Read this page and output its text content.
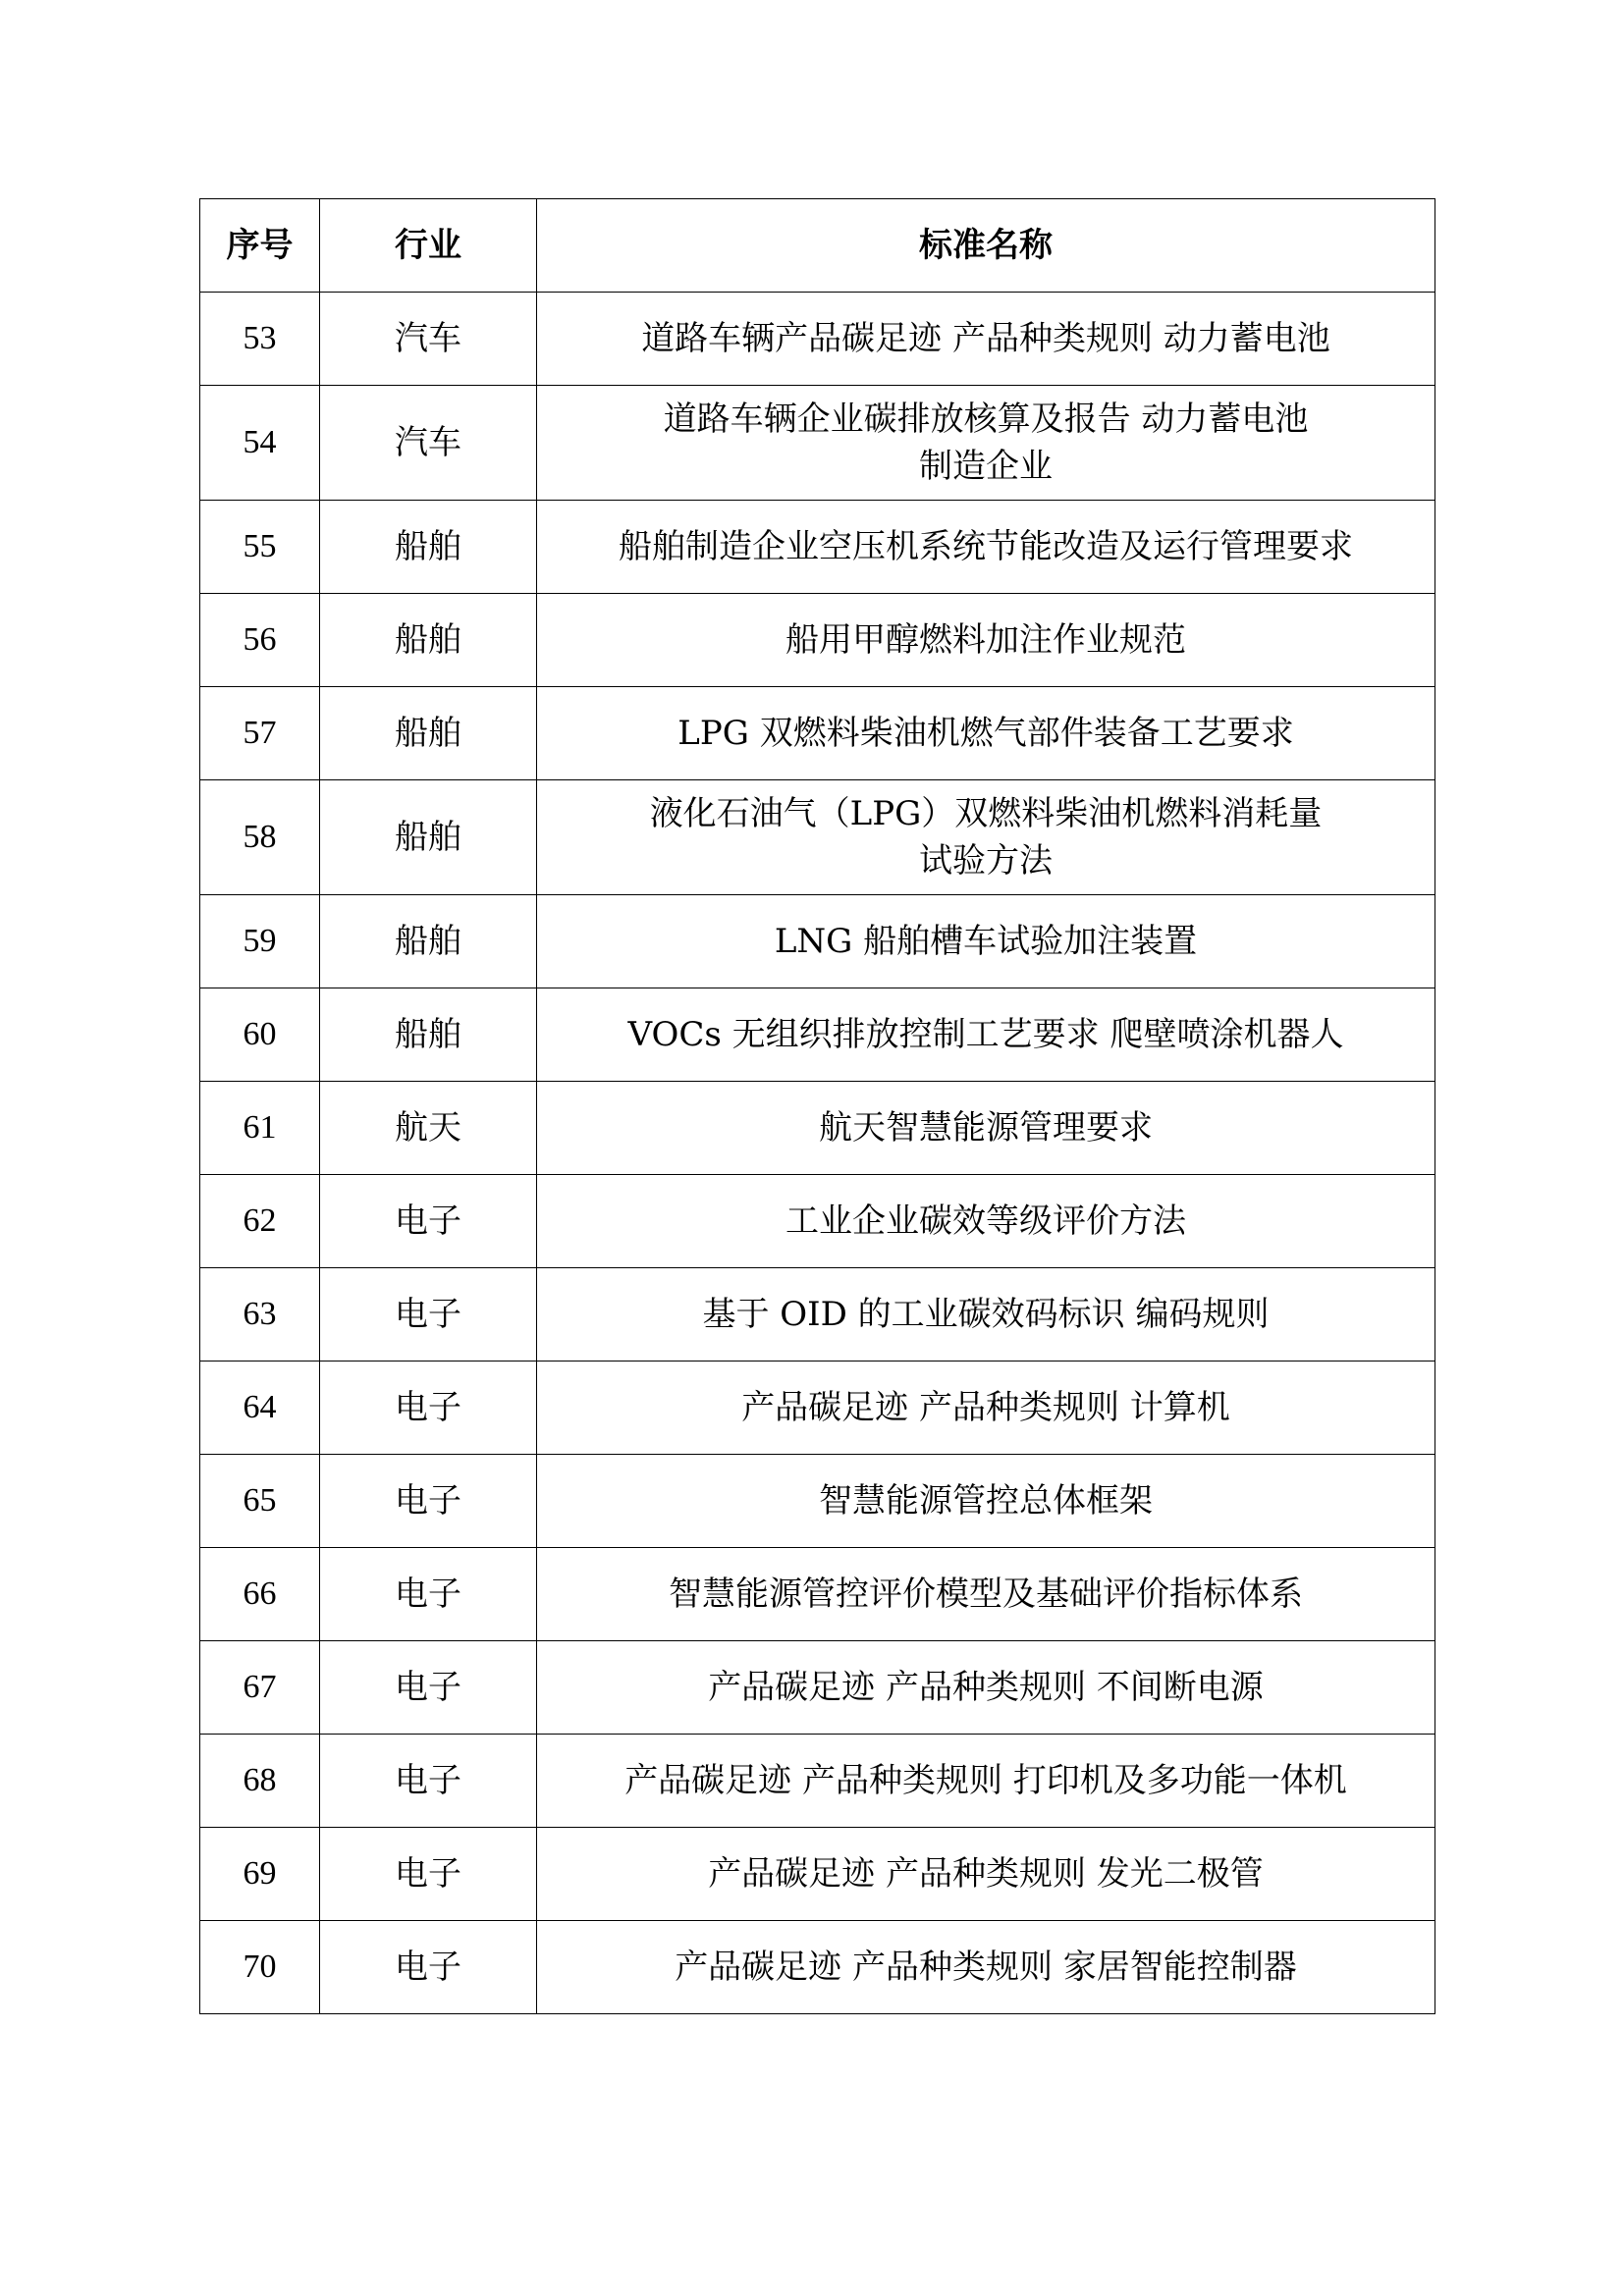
序号	行业	标准名称
53	汽车	道路车辆产品碳足迹 产品种类规则 动力蓄电池

54	汽车	道路车辆企业碳排放核算及报告 动力蓄电池
制造企业

55	船舶	船舶制造企业空压机系统节能改造及运行管理要求

56	船舶	船用甲醇燃料加注作业规范

57	船舶	LPG 双燃料柴油机燃气部件装备工艺要求

58	船舶	液化石油气（LPG）双燃料柴油机燃料消耗量
试验方法

59	船舶	LNG 船舶槽车试验加注装置

60	船舶	VOCs 无组织排放控制工艺要求 爬壁喷涂机器人

61	航天	航天智慧能源管理要求

62	电子	工业企业碳效等级评价方法

63	电子	基于 OID 的工业碳效码标识 编码规则

64	电子	产品碳足迹 产品种类规则 计算机

65	电子	智慧能源管控总体框架

66	电子	智慧能源管控评价模型及基础评价指标体系

67	电子	产品碳足迹 产品种类规则 不间断电源

68	电子	产品碳足迹 产品种类规则 打印机及多功能一体机

69	电子	产品碳足迹 产品种类规则 发光二极管

70	电子	产品碳足迹 产品种类规则 家居智能控制器
